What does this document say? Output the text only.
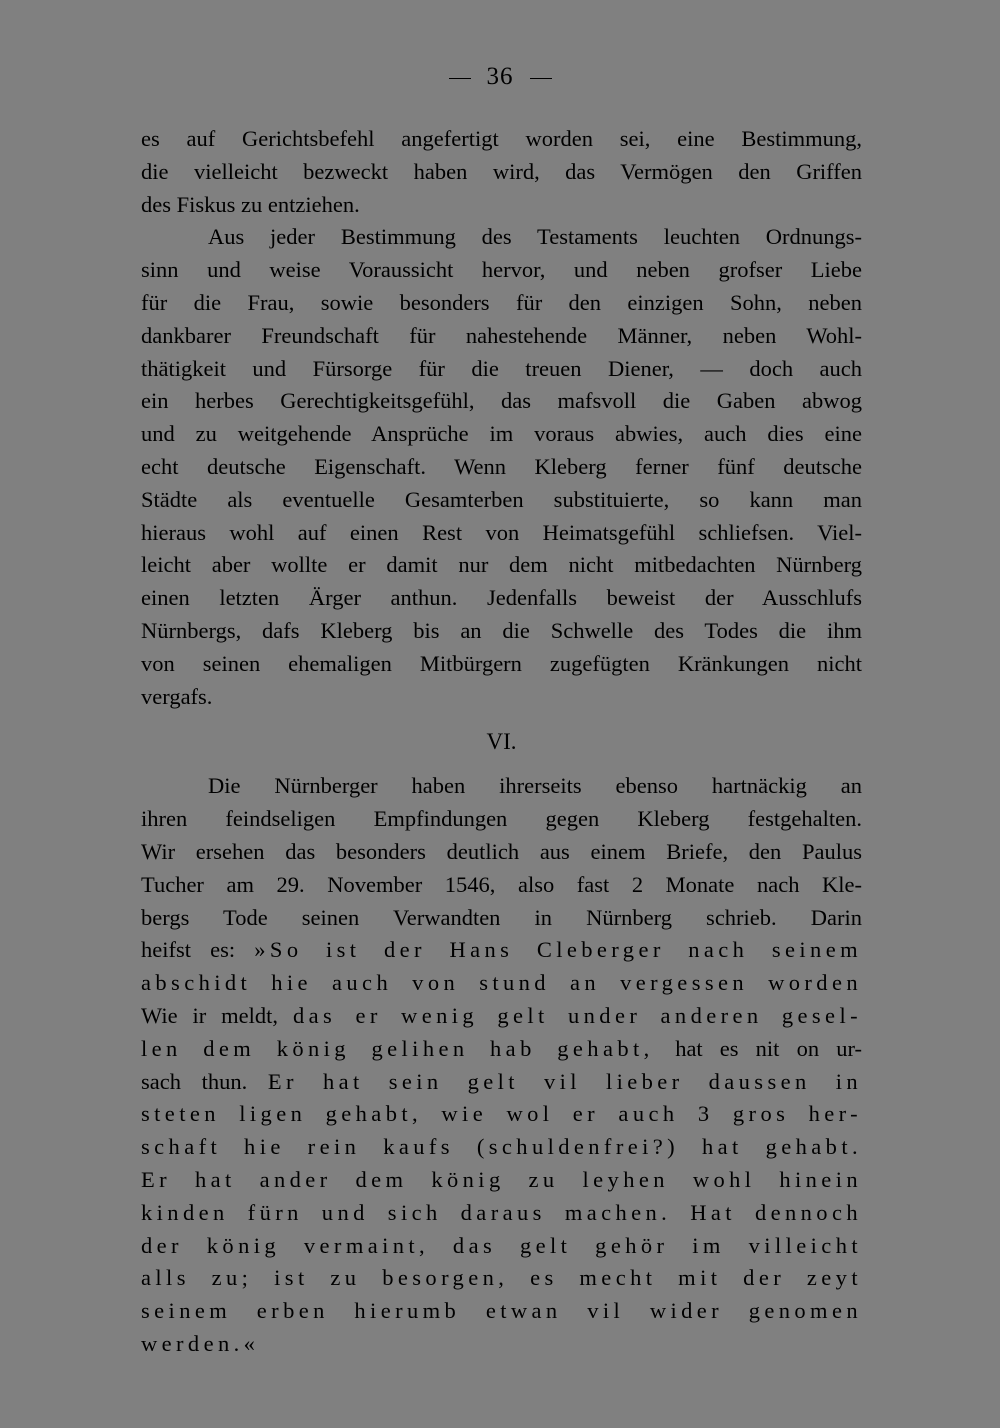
36
es auf Gerichtsbefehl angefertigt worden sei, eine Bestimmung,
die vielleicht bezweckt haben wird, das Vermögen den Griffen
des Fiskus zu entziehen.
Aus jeder Bestimmung des Testaments leuchten Ordnungs-
sinn und weise Voraussicht hervor, und neben grofser Liebe
für die Frau, sowie besonders für den einzigen Sohn, neben
dankbarer Freundschaft für nahestehende Männer, neben Wohl-
thätigkeit und Fürsorge für die treuen Diener, — doch auch
ein herbes Gerechtigkeitsgefühl, das mafsvoll die Gaben abwog
und zu weitgehende Ansprüche im voraus abwies, auch dies eine
echt deutsche Eigenschaft. Wenn Kleberg ferner fünf deutsche
Städte als eventuelle Gesamterben substituierte, so kann man
hieraus wohl auf einen Rest von Heimatsgefühl schliefsen. Viel-
leicht aber wollte er damit nur dem nicht mitbedachten Nürnberg
einen letzten Ärger anthun. Jedenfalls beweist der Ausschlufs
Nürnbergs, dafs Kleberg bis an die Schwelle des Todes die ihm
von seinen ehemaligen Mitbürgern zugefügten Kränkungen nicht
vergafs.
VI.
Die Nürnberger haben ihrerseits ebenso hartnäckig an
ihren feindseligen Empfindungen gegen Kleberg festgehalten.
Wir ersehen das besonders deutlich aus einem Briefe, den Paulus
Tucher am 29. November 1546, also fast 2 Monate nach Kle-
bergs Tode seinen Verwandten in Nürnberg schrieb. Darin
heifst es: »So ist der Hans Cleberger nach seinem
abschidt hie auch von stund an vergessen worden
Wie ir meldt, das er wenig gelt under anderen gesel-
len dem könig gelihen hab gehabt, hat es nit on ur-
sach thun. Er hat sein gelt vil lieber daussen in
steten ligen gehabt, wie wol er auch 3 gros her-
schaft hie rein kaufs (schuldenfrei?) hat gehabt.
Er hat ander dem könig zu leyhen wohl hinein
kinden fürn und sich daraus machen. Hat dennoch
der könig vermaint, das gelt gehör im villeicht
alls zu; ist zu besorgen, es mecht mit der zeyt
seinem erben hierumb etwan vil wider genomen
werden.«
